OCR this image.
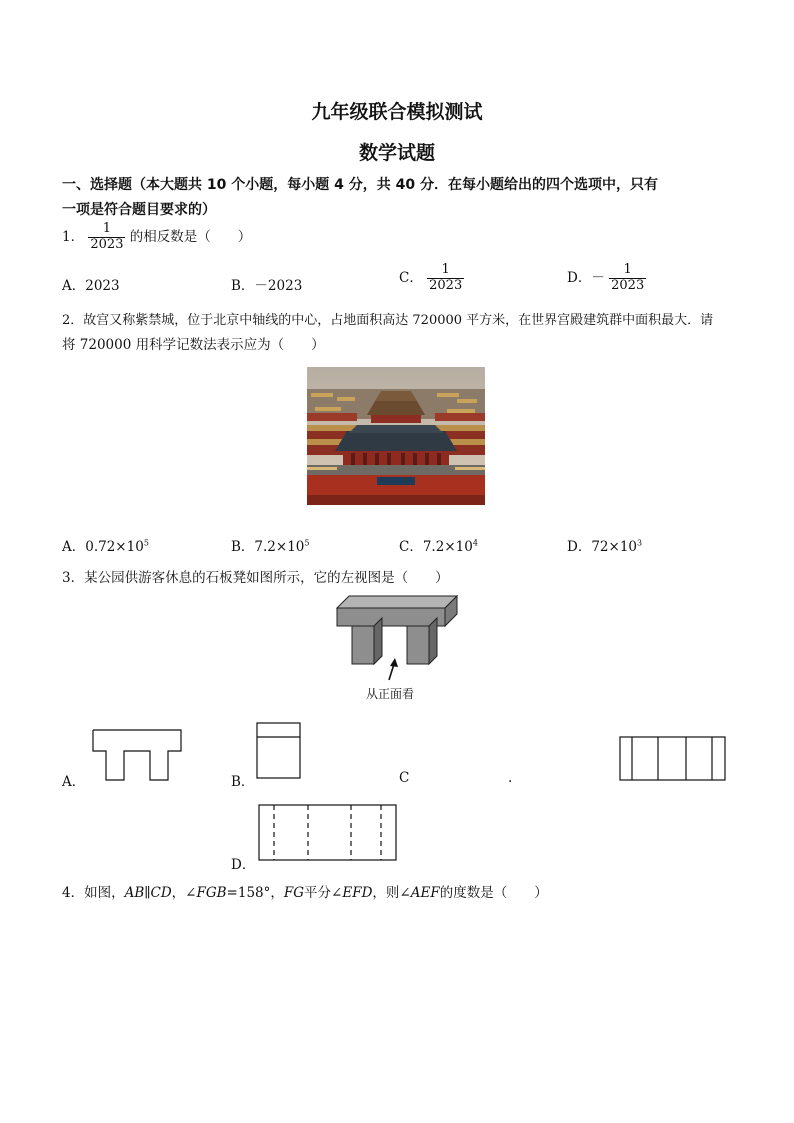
九年级联合模拟测试
数学试题
一、选择题（本大题共 10 个小题，每小题 4 分，共 40 分．在每小题给出的四个选项中，只有
一项是符合题目要求的）
1． $\frac{1}{2023}$ 的相反数是（　　）
A．2023	B．－2023
C． $\frac{1}{2023}$	D．－ $\frac{1}{2023}$
2．故宫又称紫禁城，位于北京中轴线的中心，占地面积高达 720000 平方米，在世界宫殿建筑群中面积最大．请
将 720000 用科学记数法表示应为（　　）
A．$0.72\times 10^5$	B．$7.2\times 10^5$	C．$7.2\times 10^4$	D．$72\times 10^3$
3．某公园供游客休息的石板凳如图所示，它的左视图是（　　）
从正面看
A．	B．	C	.
D．
4．如图，AB∥CD，∠FGB=158°，FG平分∠EFD，则∠AEF的度数是（　　）
